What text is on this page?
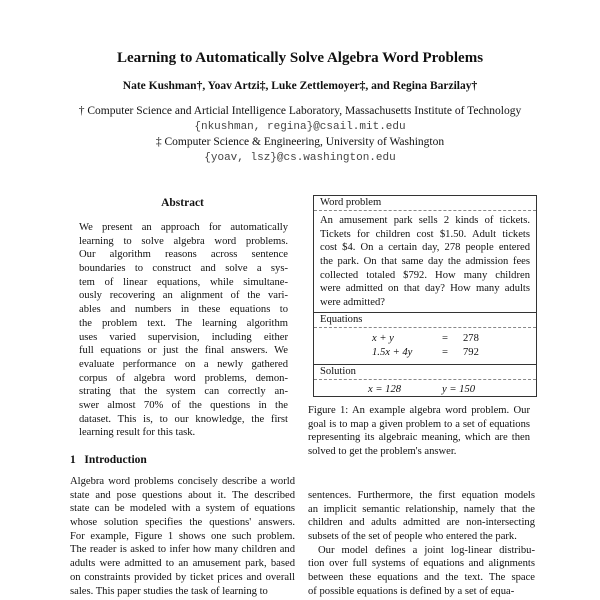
Learning to Automatically Solve Algebra Word Problems
Nate Kushman†, Yoav Artzi‡, Luke Zettlemoyer‡, and Regina Barzilay†
† Computer Science and Articial Intelligence Laboratory, Massachusetts Institute of Technology
{nkushman, regina}@csail.mit.edu
‡ Computer Science & Engineering, University of Washington
{yoav, lsz}@cs.washington.edu
Abstract
We present an approach for automatically
learning to solve algebra word problems.
Our algorithm reasons across sentence
boundaries to construct and solve a sys-
tem of linear equations, while simultane-
ously recovering an alignment of the vari-
ables and numbers in these equations to
the problem text. The learning algorithm
uses varied supervision, including either
full equations or just the final answers. We
evaluate performance on a newly gathered
corpus of algebra word problems, demon-
strating that the system can correctly an-
swer almost 70% of the questions in the
dataset. This is, to our knowledge, the first
learning result for this task.
1   Introduction
Algebra word problems concisely describe a world
state and pose questions about it. The described
state can be modeled with a system of equations
whose solution specifies the questions' answers.
For example, Figure 1 shows one such problem.
The reader is asked to infer how many children and
adults were admitted to an amusement park, based
on constraints provided by ticket prices and overall
sales. This paper studies the task of learning to
Word problem
An amusement park sells 2 kinds of tickets.
Tickets for children cost $1.50. Adult tickets
cost $4. On a certain day, 278 people entered
the park. On that same day the admission fees
collected totaled $792. How many children
were admitted on that day? How many adults
were admitted?
Equations
x + y	= 278
1.5x + 4y	= 792
Solution
x = 128	y = 150
Figure 1: An example algebra word problem. Our
goal is to map a given problem to a set of equations
representing its algebraic meaning, which are then
solved to get the problem's answer.
sentences. Furthermore, the first equation models
an implicit semantic relationship, namely that the
children and adults admitted are non-intersecting
subsets of the set of people who entered the park.
Our model defines a joint log-linear distribu-
tion over full systems of equations and alignments
between these equations and the text. The space
of possible equations is defined by a set of equa-
